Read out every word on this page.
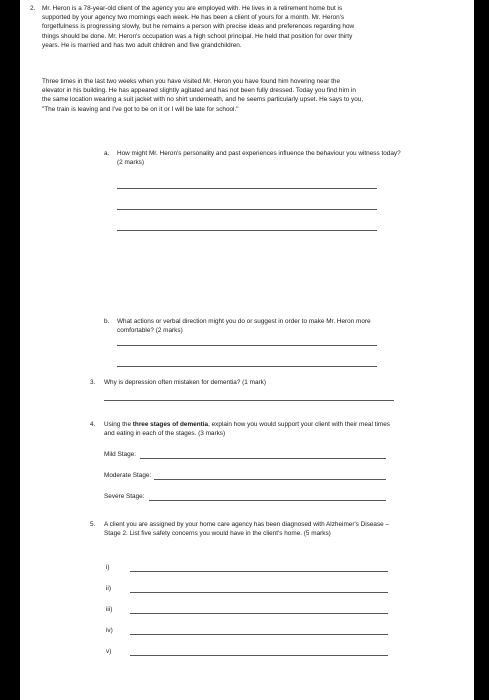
2. Mr. Heron is a 78-year-old client of the agency you are employed with. He lives in a retirement home but is supported by your agency two mornings each week. He has been a client of yours for a month. Mr. Heron's forgetfulness is progressing slowly, but he remains a person with precise ideas and preferences regarding how things should be done. Mr. Heron's occupation was a high school principal. He held that position for over thirty years. He is married and has two adult children and five grandchildren.
Three times in the last two weeks when you have visited Mr. Heron you have found him hovering near the elevator in his building. He has appeared slightly agitated and has not been fully dressed. Today you find him in the same location wearing a suit jacket with no shirt underneath, and he seems particularly upset. He says to you, "The train is leaving and I've got to be on it or I will be late for school."
a. How might Mr. Heron's personality and past experiences influence the behaviour you witness today? (2 marks)
b. What actions or verbal direction might you do or suggest in order to make Mr. Heron more comfortable? (2 marks)
3. Why is depression often mistaken for dementia? (1 mark)
4. Using the three stages of dementia, explain how you would support your client with their meal times and eating in each of the stages. (3 marks)
Mild Stage:
Moderate Stage:
Severe Stage:
5. A client you are assigned by your home care agency has been diagnosed with Alzheimer's Disease – Stage 2. List five safety concerns you would have in the client's home. (5 marks)
i)
ii)
iii)
iv)
v)
